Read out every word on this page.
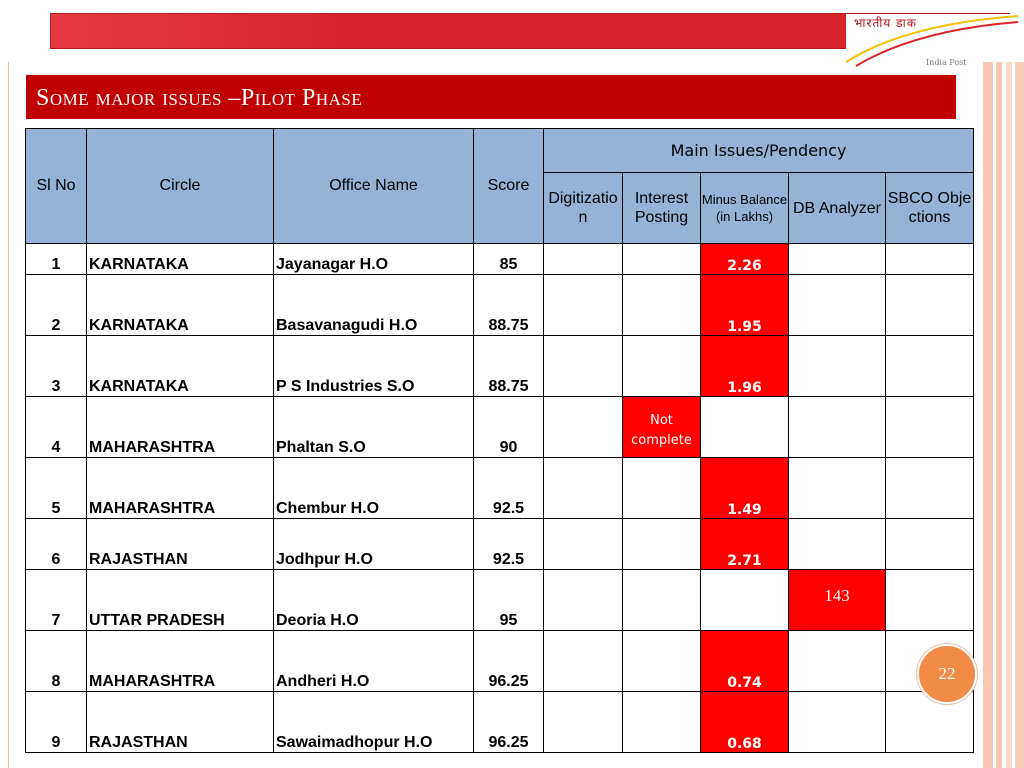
भारतीय डाक
India Post
Some major issues –Pilot Phase
Sl No	Circle	Office Name	Score	Main Issues/Pendency				
				Digitization	Interest Posting	Minus Balance (in Lakhs)	DB Analyzer	SBCO Objections
1	KARNATAKA	Jayanagar H.O	85			2.26		
2	KARNATAKA	Basavanagudi H.O	88.75			1.95		
3	KARNATAKA	P S Industries S.O	88.75			1.96		
4	MAHARASHTRA	Phaltan S.O	90		Not complete			
5	MAHARASHTRA	Chembur H.O	92.5			1.49		
6	RAJASTHAN	Jodhpur H.O	92.5			2.71		
7	UTTAR PRADESH	Deoria H.O	95				143	
8	MAHARASHTRA	Andheri H.O	96.25			0.74		
9	RAJASTHAN	Sawaimadhopur H.O	96.25			0.68		
22
